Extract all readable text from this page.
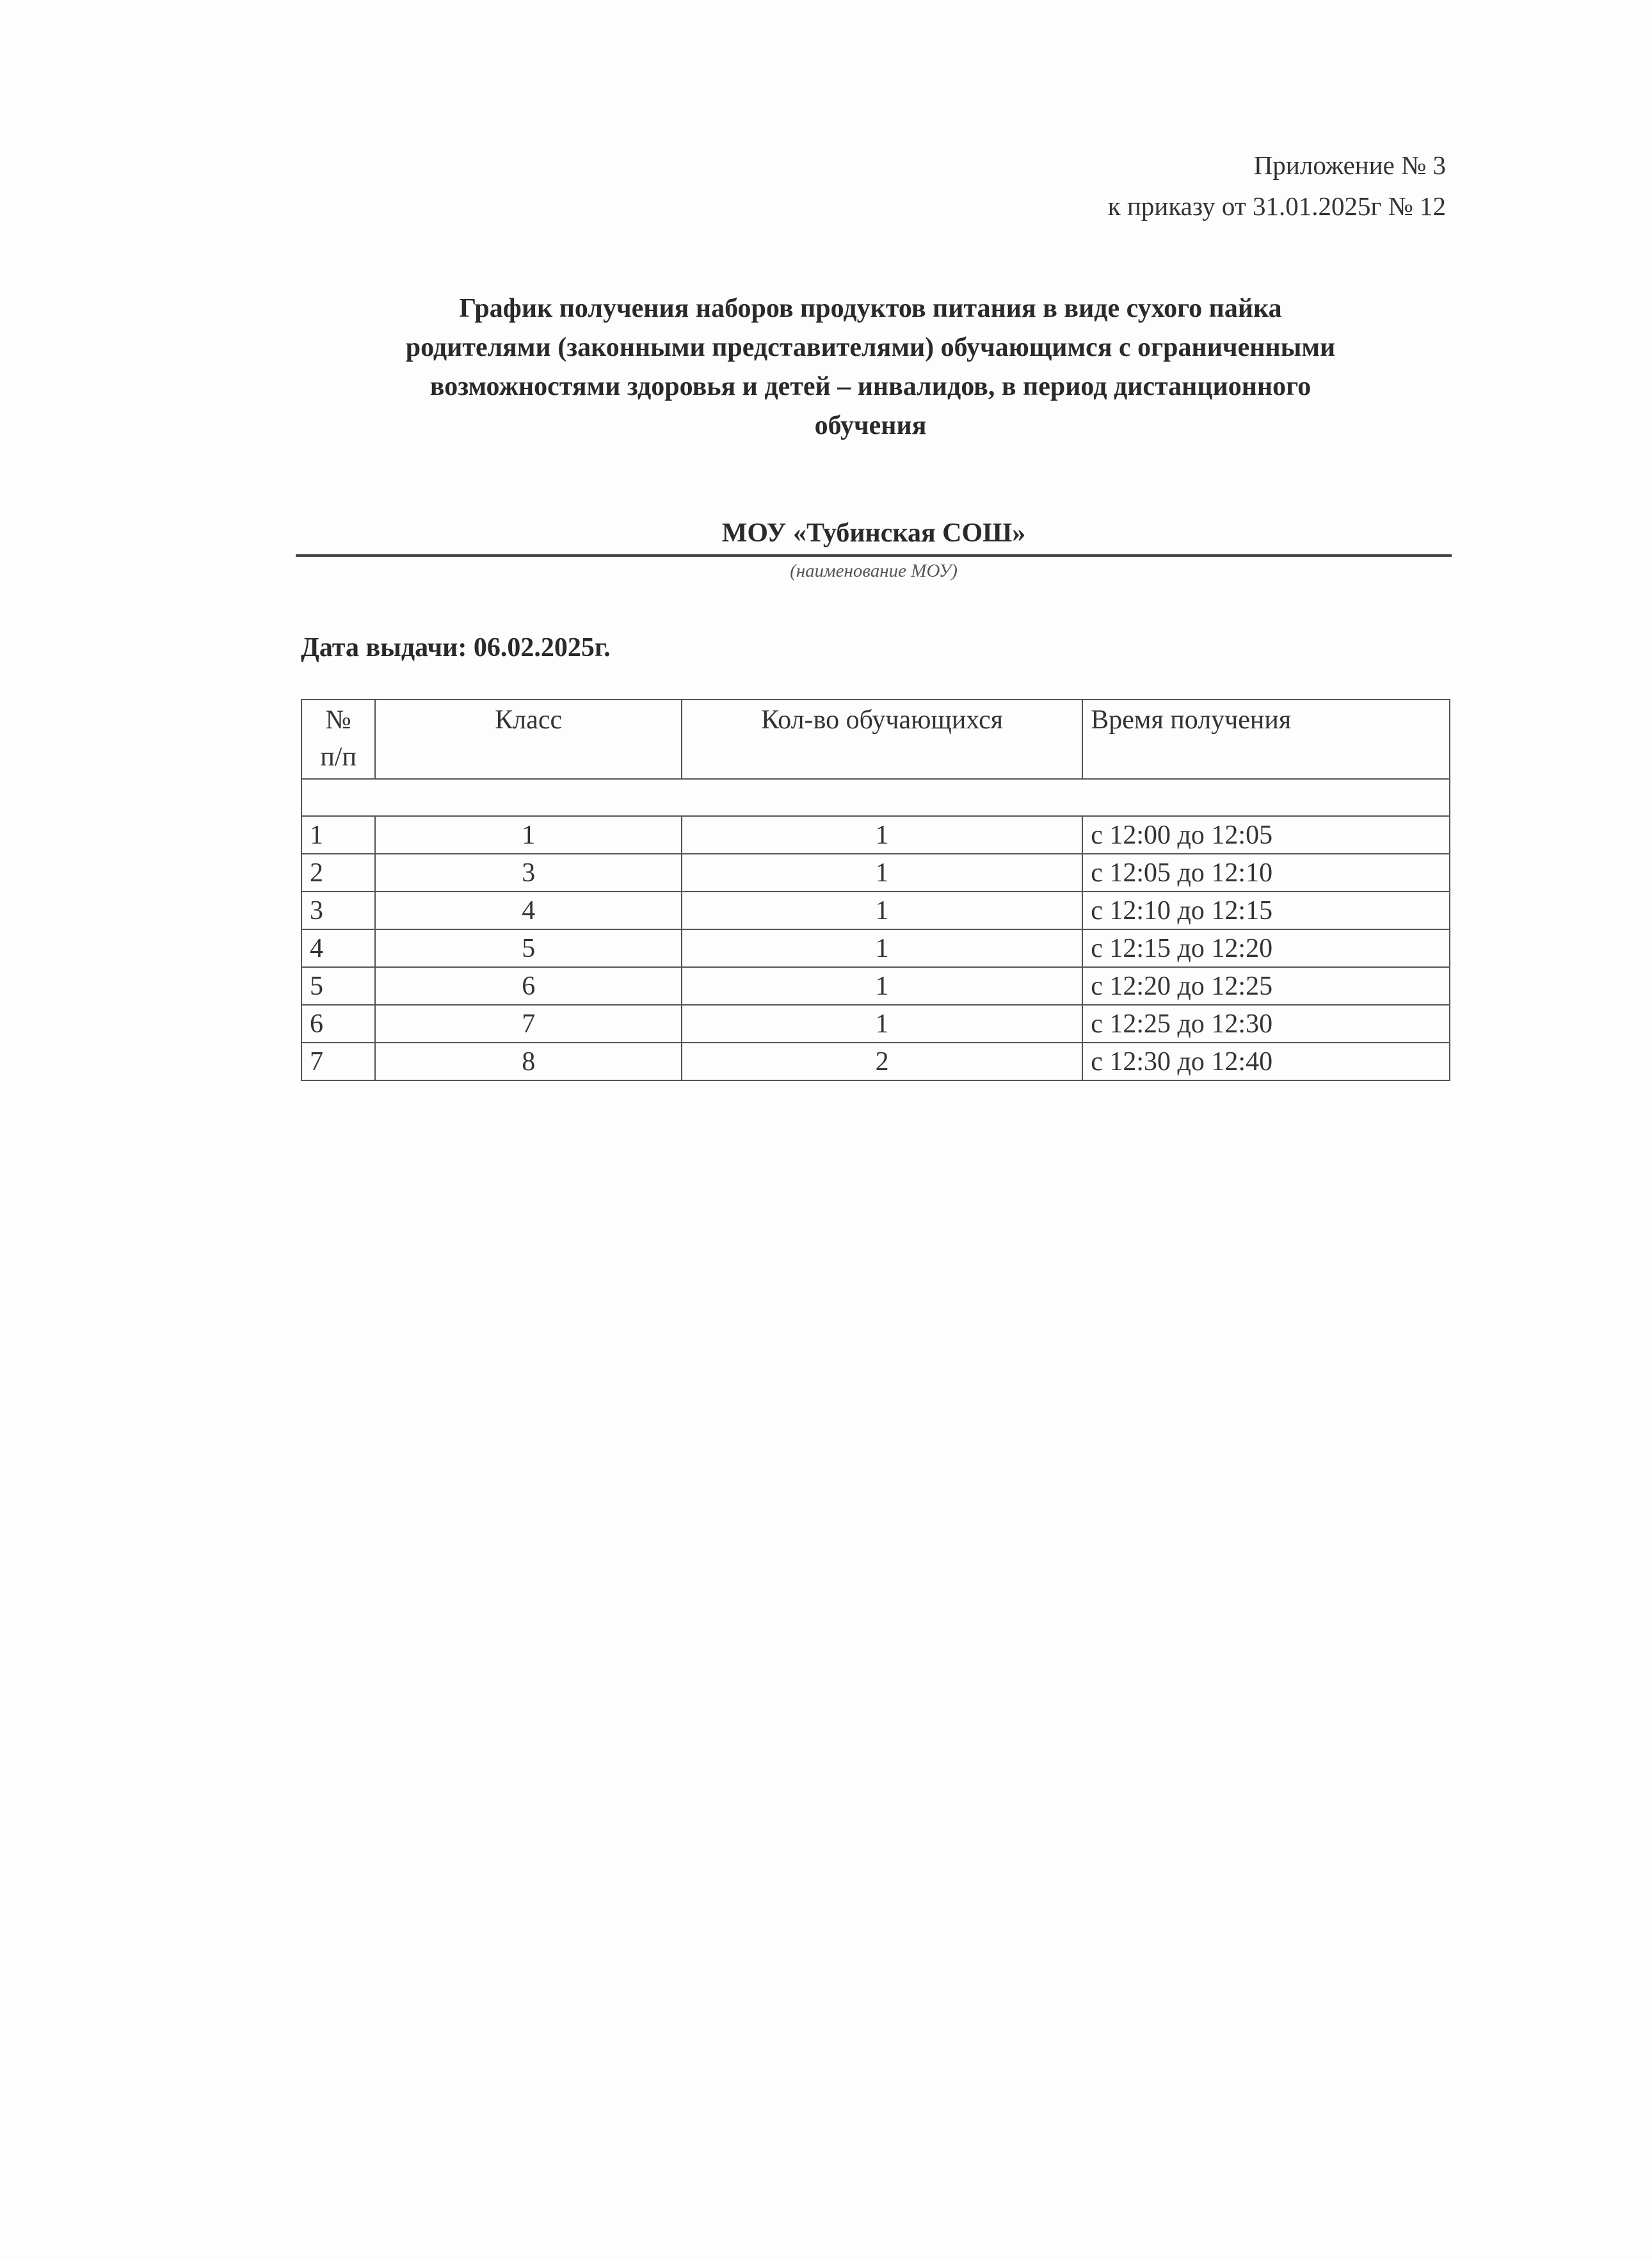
Приложение № 3
к приказу от 31.01.2025г № 12
График получения наборов продуктов питания в виде сухого пайка
родителями (законными представителями) обучающимся с ограниченными
возможностями здоровья и детей – инвалидов, в период дистанционного
обучения
МОУ «Тубинская СОШ»
(наименование МОУ)
Дата выдачи: 06.02.2025г.
№
п/п	Класс	Кол-во обучающихся	Время получения

1	1	1	с 12:00 до 12:05
2	3	1	с 12:05 до 12:10
3	4	1	с 12:10 до 12:15
4	5	1	с 12:15 до 12:20
5	6	1	с 12:20 до 12:25
6	7	1	с 12:25 до 12:30
7	8	2	с 12:30 до 12:40
